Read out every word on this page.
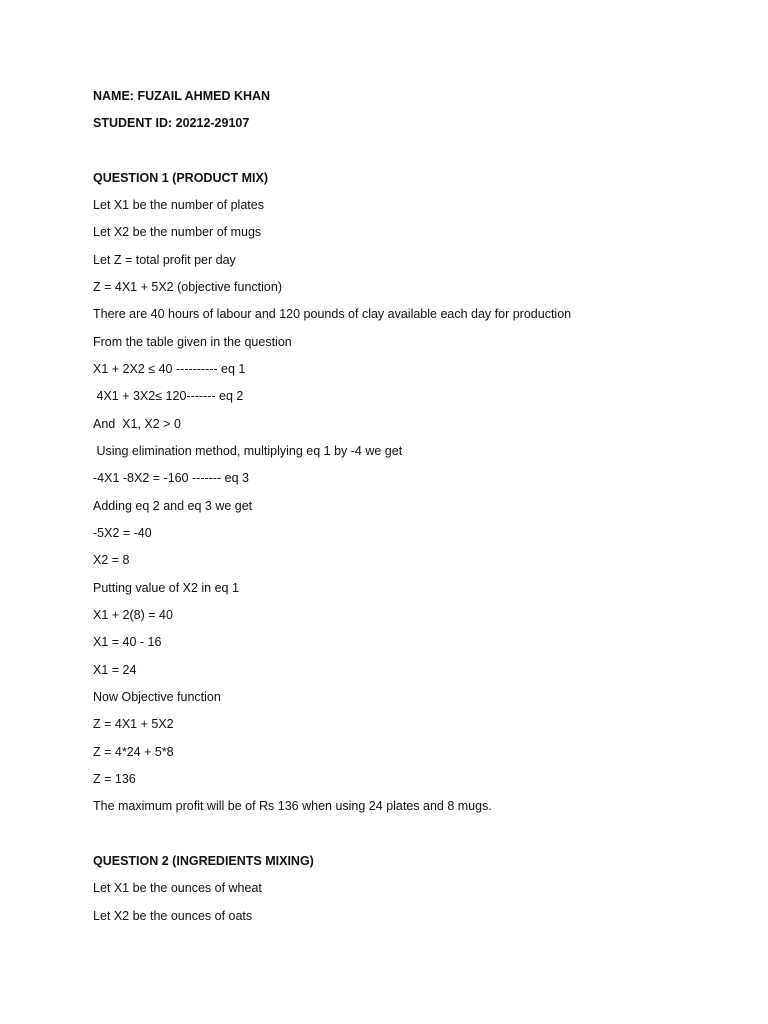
NAME: FUZAIL AHMED KHAN
STUDENT ID: 20212-29107
QUESTION 1 (PRODUCT MIX)
Let X1 be the number of plates
Let X2 be the number of mugs
Let Z = total profit per day
Z = 4X1 + 5X2 (objective function)
There are 40 hours of labour and 120 pounds of clay available each day for production
From the table given in the question
X1 + 2X2 ≤ 40 ---------- eq 1
4X1 + 3X2≤ 120------- eq 2
And  X1, X2 > 0
Using elimination method, multiplying eq 1 by -4 we get
-4X1 -8X2 = -160 ------- eq 3
Adding eq 2 and eq 3 we get
-5X2 = -40
X2 = 8
Putting value of X2 in eq 1
X1 + 2(8) = 40
X1 = 40 - 16
X1 = 24
Now Objective function
Z = 4X1 + 5X2
Z = 4*24 + 5*8
Z = 136
The maximum profit will be of Rs 136 when using 24 plates and 8 mugs.
QUESTION 2 (INGREDIENTS MIXING)
Let X1 be the ounces of wheat
Let X2 be the ounces of oats
